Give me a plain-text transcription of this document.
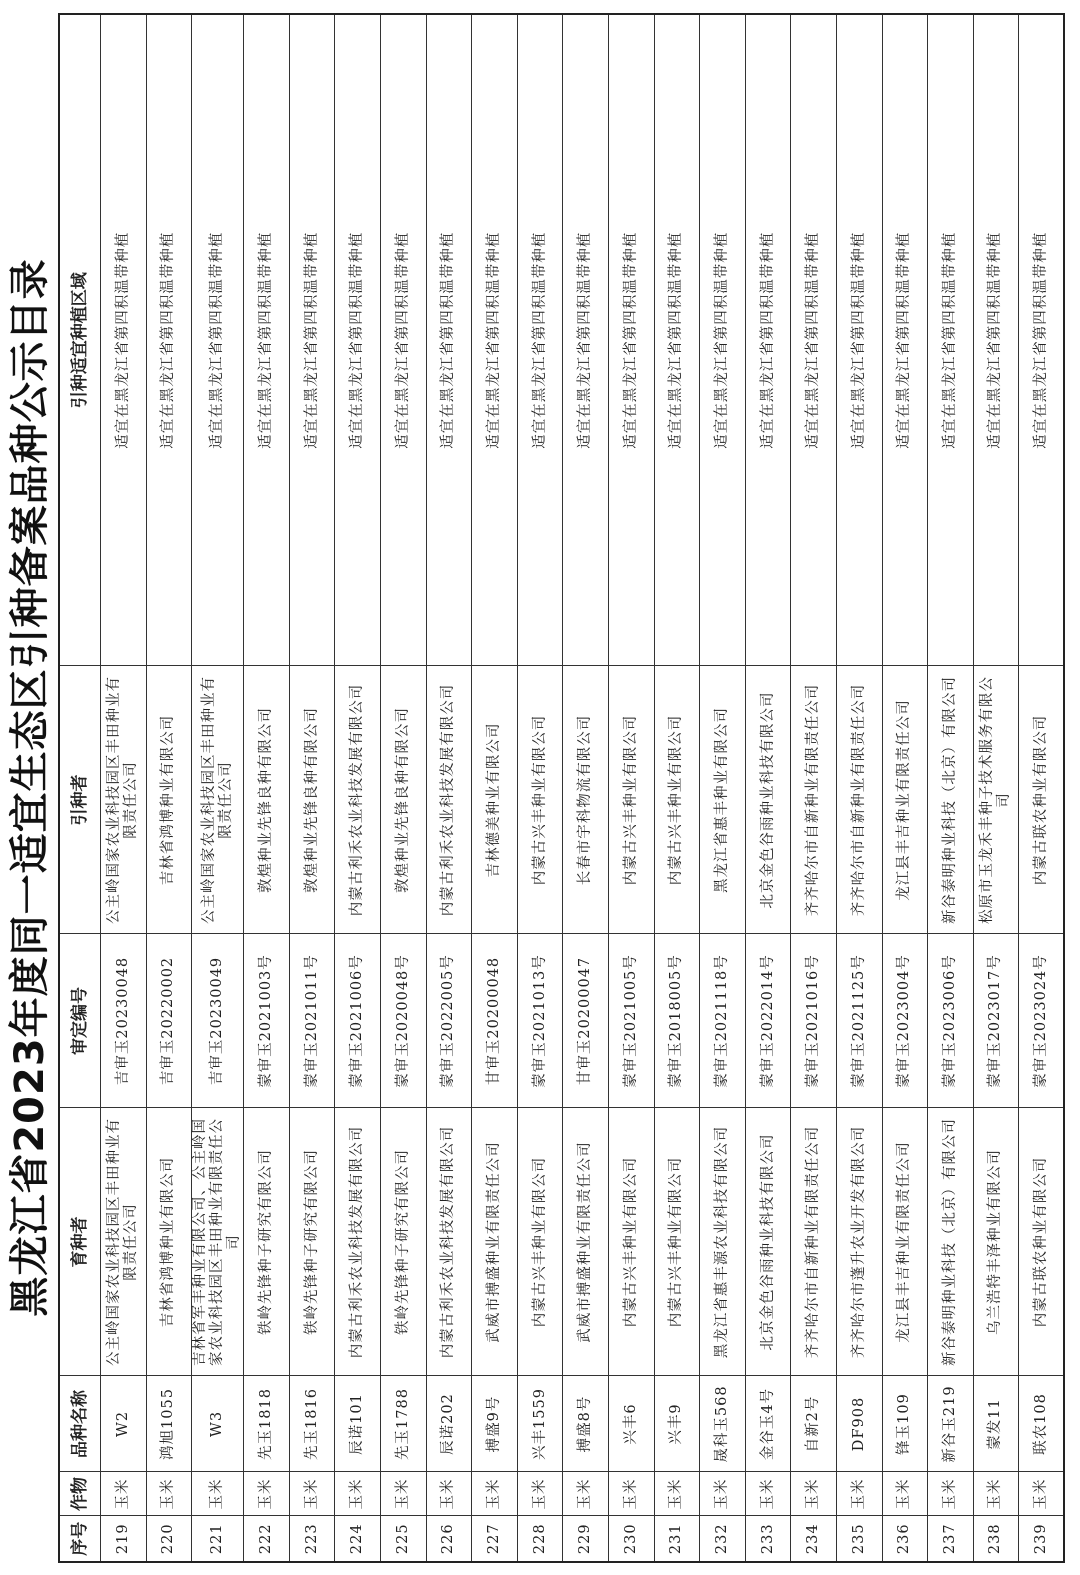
黑龙江省2023年度同一适宜生态区引种备案品种公示目录
序号	作物	品种名称	育种者	审定编号	引种者	引种适宜种植区域
219	玉米	W2	公主岭国家农业科技园区丰田种业有限责任公司	吉审玉20230048	公主岭国家农业科技园区丰田种业有限责任公司	适宜在黑龙江省第四积温带种植
220	玉米	鸿旭1055	吉林省鸿博种业有限公司	吉审玉20220002	吉林省鸿博种业有限公司	适宜在黑龙江省第四积温带种植
221	玉米	W3	吉林省军丰种业有限公司、公主岭国家农业科技园区丰田种业有限责任公司	吉审玉20230049	公主岭国家农业科技园区丰田种业有限责任公司	适宜在黑龙江省第四积温带种植
222	玉米	先玉1818	铁岭先锋种子研究有限公司	蒙审玉2021003号	敦煌种业先锋良种有限公司	适宜在黑龙江省第四积温带种植
223	玉米	先玉1816	铁岭先锋种子研究有限公司	蒙审玉2021011号	敦煌种业先锋良种有限公司	适宜在黑龙江省第四积温带种植
224	玉米	辰诺101	内蒙古利禾农业科技发展有限公司	蒙审玉2021006号	内蒙古利禾农业科技发展有限公司	适宜在黑龙江省第四积温带种植
225	玉米	先玉1788	铁岭先锋种子研究有限公司	蒙审玉2020048号	敦煌种业先锋良种有限公司	适宜在黑龙江省第四积温带种植
226	玉米	辰诺202	内蒙古利禾农业科技发展有限公司	蒙审玉2022005号	内蒙古利禾农业科技发展有限公司	适宜在黑龙江省第四积温带种植
227	玉米	搏盛9号	武威市搏盛种业有限责任公司	甘审玉20200048	吉林德美种业有限公司	适宜在黑龙江省第四积温带种植
228	玉米	兴丰1559	内蒙古兴丰种业有限公司	蒙审玉2021013号	内蒙古兴丰种业有限公司	适宜在黑龙江省第四积温带种植
229	玉米	搏盛8号	武威市搏盛种业有限责任公司	甘审玉20200047	长春市宇科物流有限公司	适宜在黑龙江省第四积温带种植
230	玉米	兴丰6	内蒙古兴丰种业有限公司	蒙审玉2021005号	内蒙古兴丰种业有限公司	适宜在黑龙江省第四积温带种植
231	玉米	兴丰9	内蒙古兴丰种业有限公司	蒙审玉2018005号	内蒙古兴丰种业有限公司	适宜在黑龙江省第四积温带种植
232	玉米	晟科玉568	黑龙江省惠丰源农业科技有限公司	蒙审玉2021118号	黑龙江省惠丰种业有限公司	适宜在黑龙江省第四积温带种植
233	玉米	金谷玉4号	北京金色谷雨种业科技有限公司	蒙审玉2022014号	北京金色谷雨种业科技有限公司	适宜在黑龙江省第四积温带种植
234	玉米	自新2号	齐齐哈尔市自新种业有限责任公司	蒙审玉2021016号	齐齐哈尔市自新种业有限责任公司	适宜在黑龙江省第四积温带种植
235	玉米	DF908	齐齐哈尔市蓬升农业开发有限公司	蒙审玉2021125号	齐齐哈尔市自新种业有限责任公司	适宜在黑龙江省第四积温带种植
236	玉米	锋玉109	龙江县丰吉种业有限责任公司	蒙审玉2023004号	龙江县丰吉种业有限责任公司	适宜在黑龙江省第四积温带种植
237	玉米	新谷玉219	新谷泰明种业科技（北京）有限公司	蒙审玉2023006号	新谷泰明种业科技（北京）有限公司	适宜在黑龙江省第四积温带种植
238	玉米	蒙发11	乌兰浩特丰泽种业有限公司	蒙审玉2023017号	松原市玉龙禾丰种子技术服务有限公司	适宜在黑龙江省第四积温带种植
239	玉米	联农108	内蒙古联农种业有限公司	蒙审玉2023024号	内蒙古联农种业有限公司	适宜在黑龙江省第四积温带种植
